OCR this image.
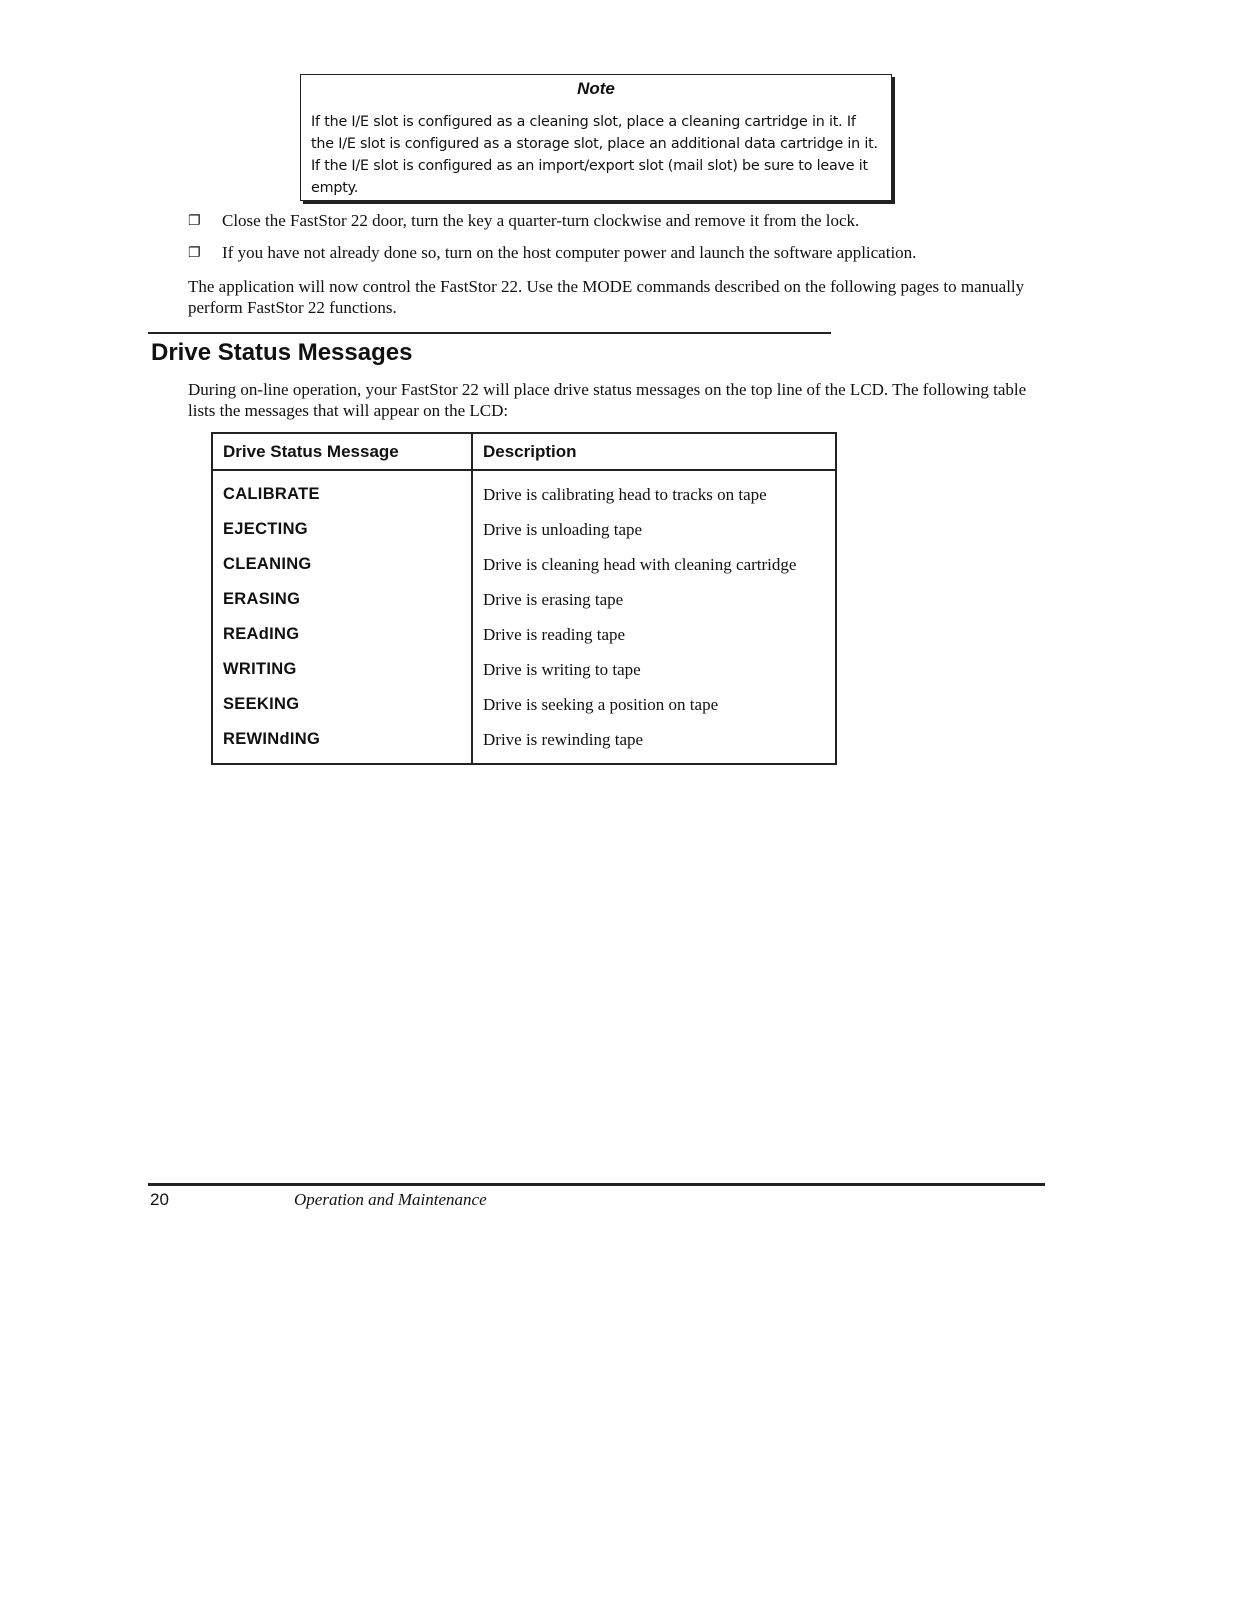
Note
If the I/E slot is configured as a cleaning slot, place a cleaning cartridge in it. If the I/E slot is configured as a storage slot, place an additional data cartridge in it. If the I/E slot is configured as an import/export slot (mail slot) be sure to leave it empty.
❐ Close the FastStor 22 door, turn the key a quarter-turn clockwise and remove it from the lock.
❐ If you have not already done so, turn on the host computer power and launch the software application.
The application will now control the FastStor 22. Use the MODE commands described on the following pages to manually perform FastStor 22 functions.
Drive Status Messages
During on-line operation, your FastStor 22 will place drive status messages on the top line of the LCD. The following table lists the messages that will appear on the LCD:
Drive Status Message	Description
CALIBRATE	Drive is calibrating head to tracks on tape
EJECTING	Drive is unloading tape
CLEANING	Drive is cleaning head with cleaning cartridge
ERASING	Drive is erasing tape
REAdING	Drive is reading tape
WRITING	Drive is writing to tape
SEEKING	Drive is seeking a position on tape
REWINdING	Drive is rewinding tape
20	Operation and Maintenance
